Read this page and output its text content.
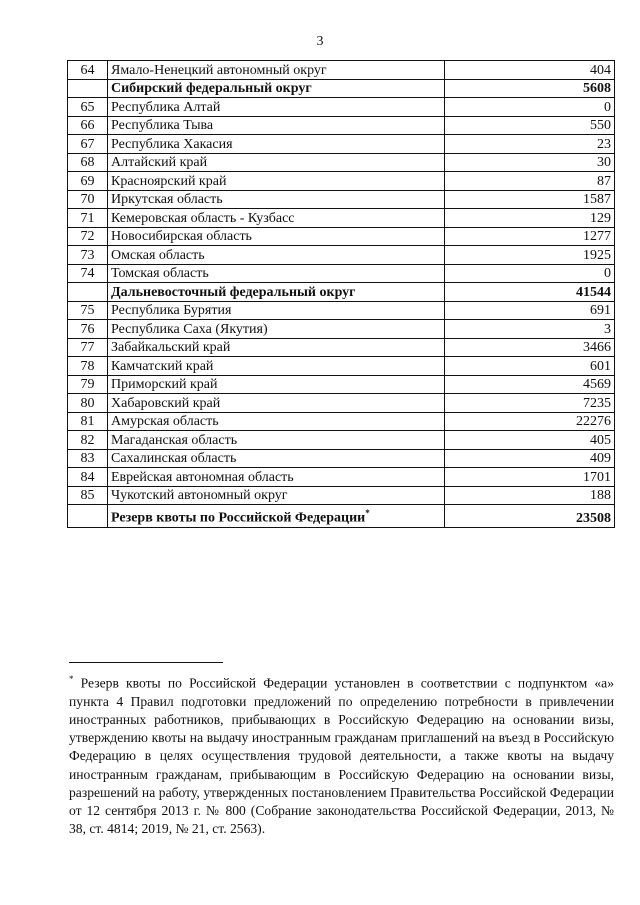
3
64	Ямало-Ненецкий автономный округ	404
	Сибирский федеральный округ	5608
65	Республика Алтай	0
66	Республика Тыва	550
67	Республика Хакасия	23
68	Алтайский край	30
69	Красноярский край	87
70	Иркутская область	1587
71	Кемеровская область - Кузбасс	129
72	Новосибирская область	1277
73	Омская область	1925
74	Томская область	0
	Дальневосточный федеральный округ	41544
75	Республика Бурятия	691
76	Республика Саха (Якутия)	3
77	Забайкальский край	3466
78	Камчатский край	601
79	Приморский край	4569
80	Хабаровский край	7235
81	Амурская область	22276
82	Магаданская область	405
83	Сахалинская область	409
84	Еврейская автономная область	1701
85	Чукотский автономный округ	188
	Резерв квоты по Российской Федерации*	23508
* Резерв квоты по Российской Федерации установлен в соответствии с подпунктом «а» пункта 4 Правил подготовки предложений по определению потребности в привлечении иностранных работников, прибывающих в Российскую Федерацию на основании визы, утверждению квоты на выдачу иностранным гражданам приглашений на въезд в Российскую Федерацию в целях осуществления трудовой деятельности, а также квоты на выдачу иностранным гражданам, прибывающим в Российскую Федерацию на основании визы, разрешений на работу, утвержденных постановлением Правительства Российской Федерации от 12 сентября 2013 г. № 800 (Собрание законодательства Российской Федерации, 2013, № 38, ст. 4814; 2019, № 21, ст. 2563).
